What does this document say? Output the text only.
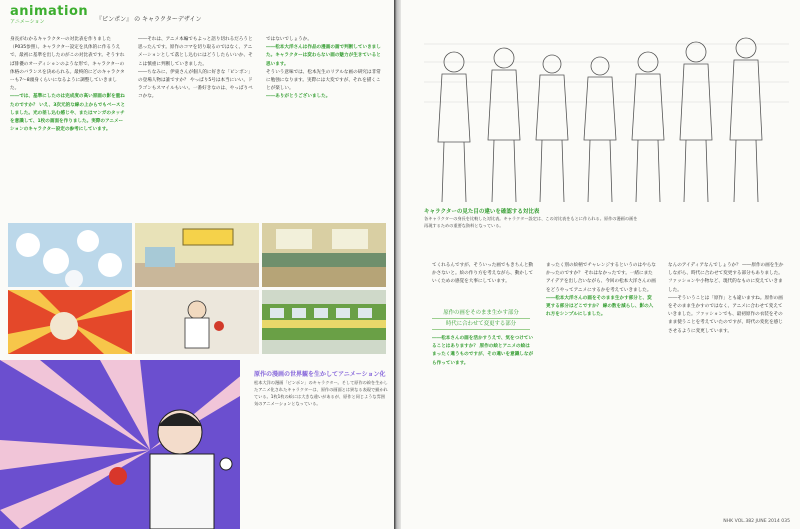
animation
アニメーション	『ピンポン』 の キャラクターデザイン
身長がわかるキャラクターの対比表を作りました（P035参照）。キャラクター設定を具体的に作るうえで、最初に基準を出したのがこの対比表です。そうすれば俳優のオーディションのような形で、キャラクターの体格のバランスを決められる。最終的にどのキャラクターも7〜8頭身くらいになるように調整していきました。
――では、基準にしたのは完成度の高い原画の影を重ねたのですか？ いえ、3次元的な線の上からでもベースとしました。光の差し込む感じや、またはマンガのタッチを意識して、1枚の画面を作りました。実際のアニメーションのキャラクター設定の参考にしています。
――それは、アニメ本編でもよっと語り切れるだろうと思ったんです。原作のコマを切り取るのではなく、アニメーションとして落とし込むにはどうしたらいいか、そこは慎重に判断していきました。
――ちなみに、伊東さんが個人的に好きな「ピンポン」の登場人物は誰ですか？ やっぱり5号は本当にいい。ドラゴンもスマイルもいい。一番好きなのは、やっぱりペコかな。
ではないでしょうか。
――松本大洋さんは作品の漫画の画で判断していきました。キャラクターは変わらない画の魅力が生きていると思います。
そういう意味では、松本先生のリアルな画の研究は非常に勉強になります。実際には大変ですが、それを描くことが楽しい。
――ありがとうございました。
原作の漫画の世界観を生かしてアニメーション化
松本大洋の漫画「ピンポン」のキャラクター。そして原作の絵を生かしたアニメ化されたキャラクターは、原作の画面とは異なる表現で描かれている。1枚1枚の絵には大きな違いがあるが、原作と同じような雰囲気のアニメーションとなっている。
キャラクターの見た目の違いを確認する対比表
各キャラクターの身長を比較した対比表。キャラクター設定は、この対比表をもとに作られる。原作の漫画の画を再現するための重要な資料となっている。
てくれるんですが、そういった画でもきちんと動かさないと。絵の作り方を考えながら、動かしていくための感覚を大事にしています。
原作の画をそのまま生かす部分
時代に合わせて変更する部分
――松本さんの画を活かすうえで、気をつけていることはありますか？ 原作の絵とアニメの絵はまったく違うものですが、その違いを意識しながら作っています。
まったく別の絵柄でチャレンジするというのはやらなかったのですか？ それはなかったです。一緒にまたアイデアを出し合いながら、今回の松本大洋さんの画をどうやってアニメにするかを考えていきました。
――松本大洋さんの画をそのまま生かす部分と、変更する部分はどこですか？ 線の数を減らし、影の入れ方をシンプルにしました。
なんのアイディアなんでしょうか？ ――原作の画を生かしながら、時代に合わせて変更する部分もありました。ファッションや小物など、現代的なものに変えていきました。
――そういうことは「原作」とも違いますね。原作の画をそのまま生かすのではなく、アニメに合わせて変えていきました。ファッションでも、最初原作の衣装をそのまま使うことを考えていたのですが、時代の変化を感じさせるように変更しています。
NHK VOL.382 JUNE 2014 035
